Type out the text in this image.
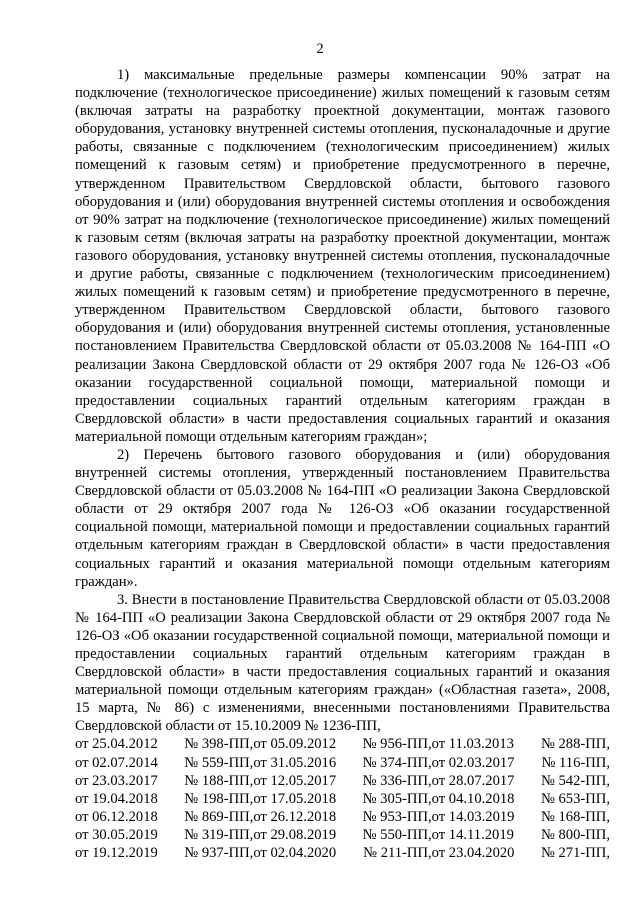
2

1) максимальные предельные размеры компенсации 90% затрат на подключение (технологическое присоединение) жилых помещений к газовым сетям (включая затраты на разработку проектной документации, монтаж газового оборудования, установку внутренней системы отопления, пусконаладочные и другие работы, связанные с подключением (технологическим присоединением) жилых помещений к газовым сетям) и приобретение предусмотренного в перечне, утвержденном Правительством Свердловской области, бытового газового оборудования и (или) оборудования внутренней системы отопления и освобождения от 90% затрат на подключение (технологическое присоединение) жилых помещений к газовым сетям (включая затраты на разработку проектной документации, монтаж газового оборудования, установку внутренней системы отопления, пусконаладочные и другие работы, связанные с подключением (технологическим присоединением) жилых помещений к газовым сетям) и приобретение предусмотренного в перечне, утвержденном Правительством Свердловской области, бытового газового оборудования и (или) оборудования внутренней системы отопления, установленные постановлением Правительства Свердловской области от 05.03.2008 № 164-ПП «О реализации Закона Свердловской области от 29 октября 2007 года № 126-ОЗ «Об оказании государственной социальной помощи, материальной помощи и предоставлении социальных гарантий отдельным категориям граждан в Свердловской области» в части предоставления социальных гарантий и оказания материальной помощи отдельным категориям граждан»;

2) Перечень бытового газового оборудования и (или) оборудования внутренней системы отопления, утвержденный постановлением Правительства Свердловской области от 05.03.2008 № 164-ПП «О реализации Закона Свердловской области от 29 октября 2007 года № 126-ОЗ «Об оказании государственной социальной помощи, материальной помощи и предоставлении социальных гарантий отдельным категориям граждан в Свердловской области» в части предоставления социальных гарантий и оказания материальной помощи отдельным категориям граждан».

3. Внести в постановление Правительства Свердловской области от 05.03.2008 № 164-ПП «О реализации Закона Свердловской области от 29 октября 2007 года № 126-ОЗ «Об оказании государственной социальной помощи, материальной помощи и предоставлении социальных гарантий отдельным категориям граждан в Свердловской области» в части предоставления социальных гарантий и оказания материальной помощи отдельным категориям граждан» («Областная газета», 2008, 15 марта, № 86) с изменениями, внесенными постановлениями Правительства Свердловской области от 15.10.2009 № 1236-ПП,

от 25.04.2012	№ 398-ПП,	от 05.09.2012	№ 956-ПП,	от 11.03.2013	№ 288-ПП,
от 02.07.2014	№ 559-ПП,	от 31.05.2016	№ 374-ПП,	от 02.03.2017	№ 116-ПП,
от 23.03.2017	№ 188-ПП,	от 12.05.2017	№ 336-ПП,	от 28.07.2017	№ 542-ПП,
от 19.04.2018	№ 198-ПП,	от 17.05.2018	№ 305-ПП,	от 04.10.2018	№ 653-ПП,
от 06.12.2018	№ 869-ПП,	от 26.12.2018	№ 953-ПП,	от 14.03.2019	№ 168-ПП,
от 30.05.2019	№ 319-ПП,	от 29.08.2019	№ 550-ПП,	от 14.11.2019	№ 800-ПП,
от 19.12.2019	№ 937-ПП,	от 02.04.2020	№ 211-ПП,	от 23.04.2020	№ 271-ПП,
